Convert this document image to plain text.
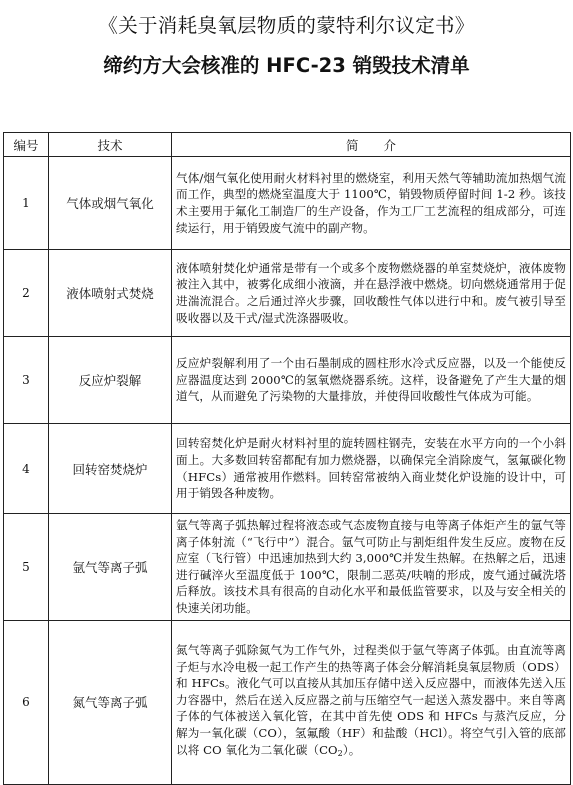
《关于消耗臭氧层物质的蒙特利尔议定书》
缔约方大会核准的 HFC-23 销毁技术清单
编号	技术	简　　介
1	气体或烟气氧化	气体/烟气氧化使用耐火材料衬里的燃烧室，利用天然气等辅助流加热烟气流而工作，典型的燃烧室温度大于 1100℃，销毁物质停留时间 1-2 秒。该技术主要用于氟化工制造厂的生产设备，作为工厂工艺流程的组成部分，可连续运行，用于销毁废气流中的副产物。
2	液体喷射式焚烧	液体喷射焚化炉通常是带有一个或多个废物燃烧器的单室焚烧炉，液体废物被注入其中，被雾化成细小液滴，并在悬浮液中燃烧。切向燃烧通常用于促进湍流混合。之后通过淬火步骤，回收酸性气体以进行中和。废气被引导至吸收器以及干式/湿式洗涤器吸收。
3	反应炉裂解	反应炉裂解利用了一个由石墨制成的圆柱形水冷式反应器，以及一个能使反应器温度达到 2000℃的氢氧燃烧器系统。这样，设备避免了产生大量的烟道气，从而避免了污染物的大量排放，并使得回收酸性气体成为可能。
4	回转窑焚烧炉	回转窑焚化炉是耐火材料衬里的旋转圆柱钢壳，安装在水平方向的一个小斜面上。大多数回转窑都配有加力燃烧器，以确保完全消除废气，氢氟碳化物（HFCs）通常被用作燃料。回转窑常被纳入商业焚化炉设施的设计中，可用于销毁各种废物。
5	氩气等离子弧	氩气等离子弧热解过程将液态或气态废物直接与电等离子体炬产生的氩气等离子体射流（“飞行中”）混合。氩气可防止与割炬组件发生反应。废物在反应室（飞行管）中迅速加热到大约 3,000℃并发生热解。在热解之后，迅速进行碱淬火至温度低于 100℃，限制二恶英/呋喃的形成，废气通过碱洗塔后释放。该技术具有很高的自动化水平和最低监管要求，以及与安全相关的快速关闭功能。
6	氮气等离子弧	氮气等离子弧除氮气为工作气外，过程类似于氩气等离子体弧。由直流等离子炬与水冷电极一起工作产生的热等离子体会分解消耗臭氧层物质（ODS）和 HFCs。液化气可以直接从其加压存储中送入反应器中，而液体先送入压力容器中，然后在送入反应器之前与压缩空气一起送入蒸发器中。来自等离子体的气体被送入氧化管，在其中首先使 ODS 和 HFCs 与蒸汽反应，分解为一氧化碳（CO），氢氟酸（HF）和盐酸（HCl）。将空气引入管的底部以将 CO 氧化为二氧化碳$(CO_2)$。
